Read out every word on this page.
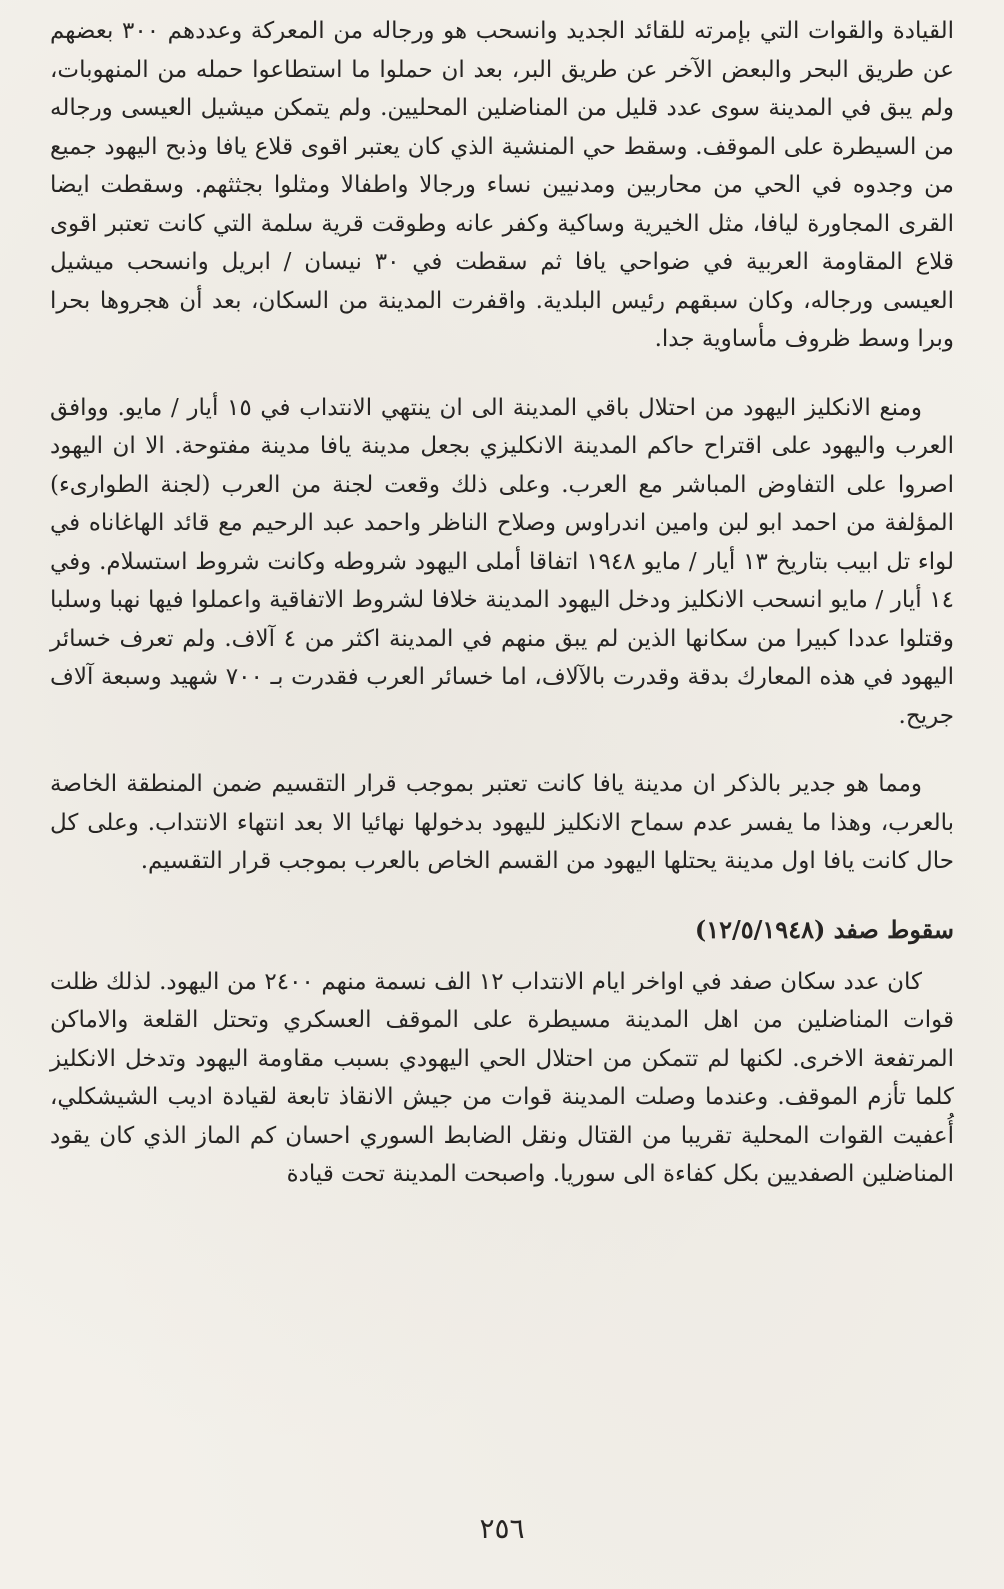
القيادة والقوات التي بإمرته للقائد الجديد وانسحب هو ورجاله من المعركة وعددهم ٣٠٠ بعضهم عن طريق البحر والبعض الآخر عن طريق البر، بعد ان حملوا ما استطاعوا حمله من المنهوبات، ولم يبق في المدينة سوى عدد قليل من المناضلين المحليين. ولم يتمكن ميشيل العيسى ورجاله من السيطرة على الموقف. وسقط حي المنشية الذي كان يعتبر اقوى قلاع يافا وذبح اليهود جميع من وجدوه في الحي من محاربين ومدنيين نساء ورجالا واطفالا ومثلوا بجثثهم. وسقطت ايضا القرى المجاورة ليافا، مثل الخيرية وساكية وكفر عانه وطوقت قرية سلمة التي كانت تعتبر اقوى قلاع المقاومة العربية في ضواحي يافا ثم سقطت في ٣٠ نيسان / ابريل وانسحب ميشيل العيسى ورجاله، وكان سبقهم رئيس البلدية. واقفرت المدينة من السكان، بعد أن هجروها بحرا وبرا وسط ظروف مأساوية جدا.

ومنع الانكليز اليهود من احتلال باقي المدينة الى ان ينتهي الانتداب في ١٥ أيار / مايو. ووافق العرب واليهود على اقتراح حاكم المدينة الانكليزي بجعل مدينة يافا مدينة مفتوحة. الا ان اليهود اصروا على التفاوض المباشر مع العرب. وعلى ذلك وقعت لجنة من العرب (لجنة الطوارىء) المؤلفة من احمد ابو لبن وامين اندراوس وصلاح الناظر واحمد عبد الرحيم مع قائد الهاغاناه في لواء تل ابيب بتاريخ ١٣ أيار / مايو ١٩٤٨ اتفاقا أملى اليهود شروطه وكانت شروط استسلام. وفي ١٤ أيار / مايو انسحب الانكليز ودخل اليهود المدينة خلافا لشروط الاتفاقية واعملوا فيها نهبا وسلبا وقتلوا عددا كبيرا من سكانها الذين لم يبق منهم في المدينة اكثر من ٤ آلاف. ولم تعرف خسائر اليهود في هذه المعارك بدقة وقدرت بالآلاف، اما خسائر العرب فقدرت بـ ٧٠٠ شهيد وسبعة آلاف جريح.

ومما هو جدير بالذكر ان مدينة يافا كانت تعتبر بموجب قرار التقسيم ضمن المنطقة الخاصة بالعرب، وهذا ما يفسر عدم سماح الانكليز لليهود بدخولها نهائيا الا بعد انتهاء الانتداب. وعلى كل حال كانت يافا اول مدينة يحتلها اليهود من القسم الخاص بالعرب بموجب قرار التقسيم.

سقوط صفد (١٢/٥/١٩٤٨)

كان عدد سكان صفد في اواخر ايام الانتداب ١٢ الف نسمة منهم ٢٤٠٠ من اليهود. لذلك ظلت قوات المناضلين من اهل المدينة مسيطرة على الموقف العسكري وتحتل القلعة والاماكن المرتفعة الاخرى. لكنها لم تتمكن من احتلال الحي اليهودي بسبب مقاومة اليهود وتدخل الانكليز كلما تأزم الموقف. وعندما وصلت المدينة قوات من جيش الانقاذ تابعة لقيادة اديب الشيشكلي، أُعفيت القوات المحلية تقريبا من القتال ونقل الضابط السوري احسان كم الماز الذي كان يقود المناضلين الصفديين بكل كفاءة الى سوريا. واصبحت المدينة تحت قيادة

٢٥٦
